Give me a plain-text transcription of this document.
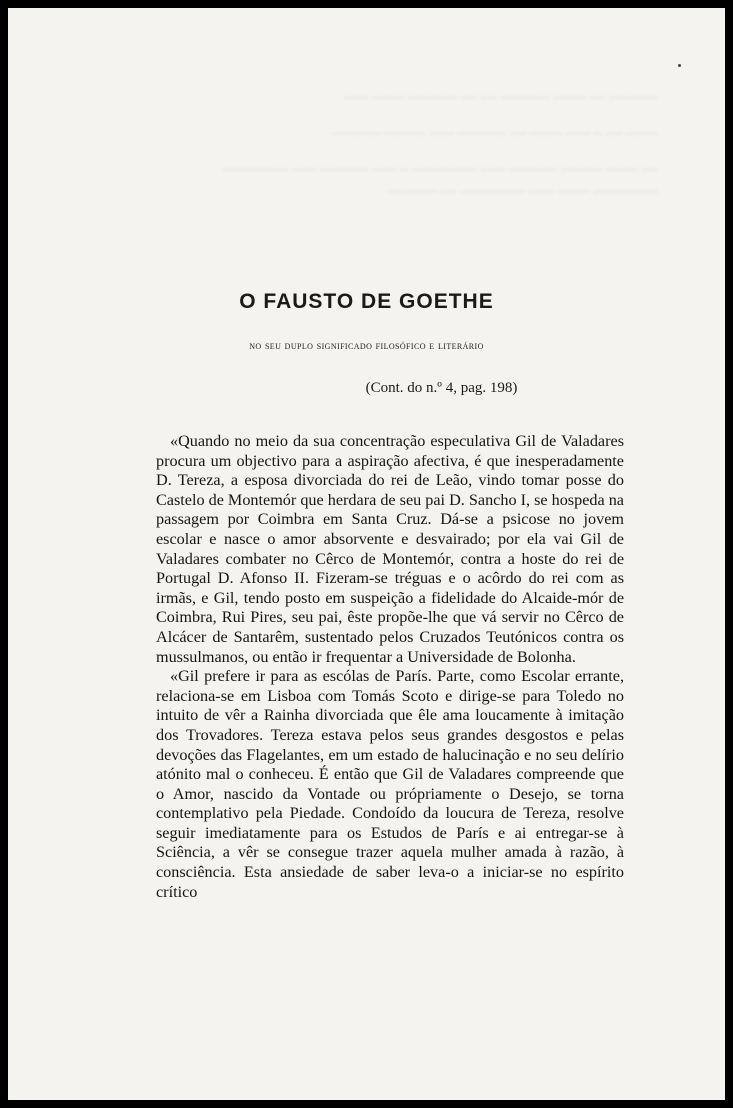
~~~~~~ ~~ ~~~~ ~~~~~~ ~~ ~~ ~~~~~~ ~~~~ ~~~

~~~~ ~~ ~ ~~~ ~~~~ ~~ ~~~~~~ ~~~ ~~~~~ ~~~~~~

~~ ~~~~ ~~~~~ ~~~~~~ ~~~ ~~~~~~~~ ~ ~~~ ~~~~~~ ~~~ ~~~~~~~~ ~~~~~~~~ ~~~~ ~~~ ~~~~~~~~ ~~ ~~~~~~

O FAUSTO DE GOETHE
no seu duplo significado filosófico e literário
(Cont. do n.º 4, pag. 198)

«Quando no meio da sua concentração especulativa Gil de Valadares procura um objectivo para a aspiração afectiva, é que inesperadamente D. Tereza, a esposa divorciada do rei de Leão, vindo tomar posse do Castelo de Montemór que herdara de seu pai D. Sancho I, se hospeda na passagem por Coimbra em Santa Cruz. Dá-se a psicose no jovem escolar e nasce o amor absorvente e desvairado; por ela vai Gil de Valadares combater no Cêrco de Montemór, contra a hoste do rei de Portugal D. Afonso II. Fizeram-se tréguas e o acôrdo do rei com as irmãs, e Gil, tendo posto em suspeição a fidelidade do Alcaide-mór de Coimbra, Rui Pires, seu pai, êste propõe-lhe que vá servir no Cêrco de Alcácer de Santarêm, sustentado pelos Cruzados Teutónicos contra os mussulmanos, ou então ir frequentar a Universidade de Bolonha.

«Gil prefere ir para as escólas de París. Parte, como Escolar errante, relaciona-se em Lisboa com Tomás Scoto e dirige-se para Toledo no intuito de vêr a Rainha divorciada que êle ama loucamente à imitação dos Trovadores. Tereza estava pelos seus grandes desgostos e pelas devoções das Flagelantes, em um estado de halucinação e no seu delírio atónito mal o conheceu. É então que Gil de Valadares compreende que o Amor, nascido da Vontade ou própriamente o Desejo, se torna contemplativo pela Piedade. Condoído da loucura de Tereza, resolve seguir imediatamente para os Estudos de París e ai entregar-se à Sciência, a vêr se consegue trazer aquela mulher amada à razão, à consciência. Esta ansiedade de saber leva-o a iniciar-se no espírito crítico
